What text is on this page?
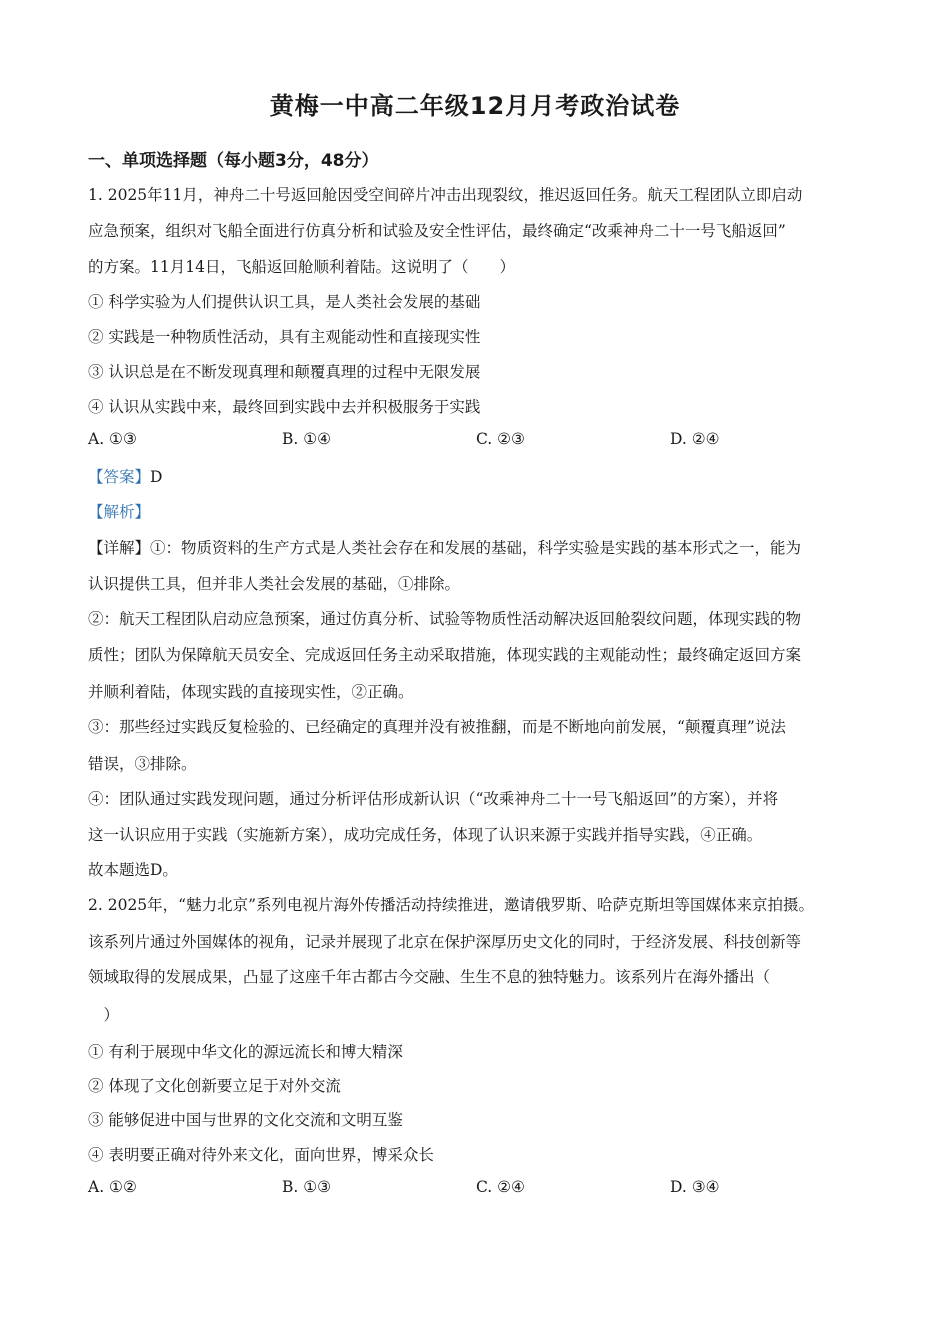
黄梅一中高二年级12月月考政治试卷
一、单项选择题（每小题3分，48分）
1. 2025年11月，神舟二十号返回舱因受空间碎片冲击出现裂纹，推迟返回任务。航天工程团队立即启动
应急预案，组织对飞船全面进行仿真分析和试验及安全性评估，最终确定“改乘神舟二十一号飞船返回”
的方案。11月14日，飞船返回舱顺利着陆。这说明了（　　）
① 科学实验为人们提供认识工具，是人类社会发展的基础
② 实践是一种物质性活动，具有主观能动性和直接现实性
③ 认识总是在不断发现真理和颠覆真理的过程中无限发展
④ 认识从实践中来，最终回到实践中去并积极服务于实践
A. ①③	B. ①④	C. ②③	D. ②④
【答案】D
【解析】
【详解】①：物质资料的生产方式是人类社会存在和发展的基础，科学实验是实践的基本形式之一，能为
认识提供工具，但并非人类社会发展的基础，①排除。
②：航天工程团队启动应急预案，通过仿真分析、试验等物质性活动解决返回舱裂纹问题，体现实践的物
质性；团队为保障航天员安全、完成返回任务主动采取措施，体现实践的主观能动性；最终确定返回方案
并顺利着陆，体现实践的直接现实性，②正确。
③：那些经过实践反复检验的、已经确定的真理并没有被推翻，而是不断地向前发展，“颠覆真理”说法
错误，③排除。
④：团队通过实践发现问题，通过分析评估形成新认识（“改乘神舟二十一号飞船返回”的方案），并将
这一认识应用于实践（实施新方案），成功完成任务，体现了认识来源于实践并指导实践，④正确。
故本题选D。
2. 2025年，“魅力北京”系列电视片海外传播活动持续推进，邀请俄罗斯、哈萨克斯坦等国媒体来京拍摄。
该系列片通过外国媒体的视角，记录并展现了北京在保护深厚历史文化的同时，于经济发展、科技创新等
领域取得的发展成果，凸显了这座千年古都古今交融、生生不息的独特魅力。该系列片在海外播出（
　）
① 有利于展现中华文化的源远流长和博大精深
② 体现了文化创新要立足于对外交流
③ 能够促进中国与世界的文化交流和文明互鉴
④ 表明要正确对待外来文化，面向世界，博采众长
A. ①②	B. ①③	C. ②④	D. ③④
